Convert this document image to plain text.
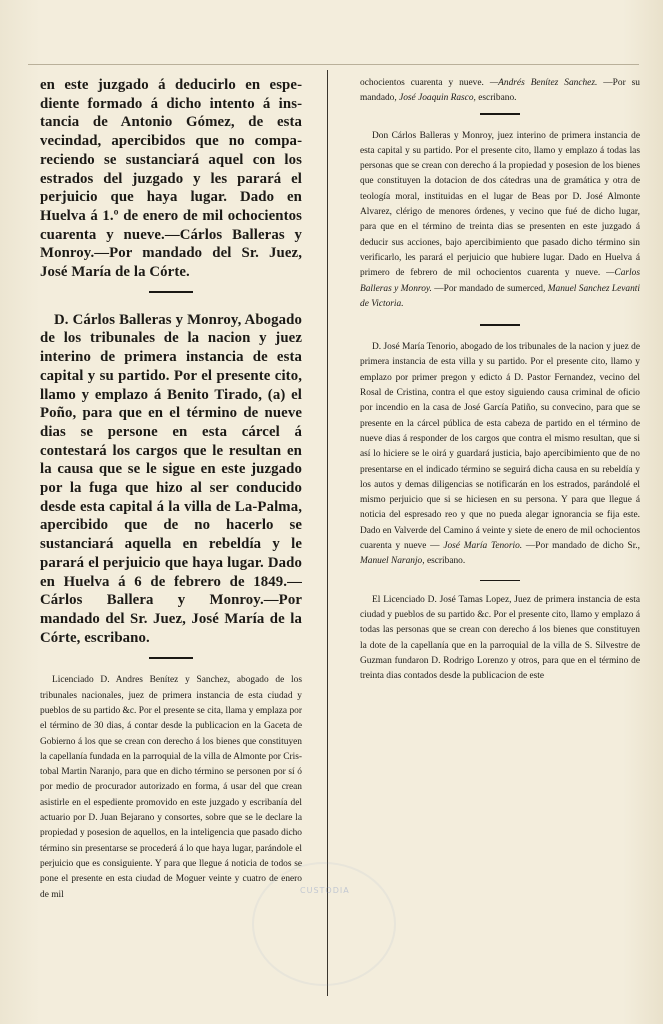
en este juzgado á deducirlo en espediente formado á dicho intento á instancia de Antonio Gómez, de esta vecindad, apercibidos que no compareciendo se sustanciará aquel con los estrados del juzgado y les parará el perjuicio que haya lugar. Dado en Huelva á 1.º de enero de mil ochocientos cuarenta y nueve.—Cárlos Balleras y Monroy.—Por mandado del Sr. Juez, José María de la Córte.

D. Cárlos Balleras y Monroy, Abogado de los tribunales de la nacion y juez interino de primera instancia de esta capital y su partido. Por el presente cito, llamo y emplazo á Benito Tirado, (a) el Poño, para que en el término de nueve dias se persone en esta cárcel á contestará los cargos que le resultan en la causa que se le sigue en este juzgado por la fuga que hizo al ser conducido desde esta capital á la villa de La-Palma, apercibido que de no hacerlo se sustanciará aquella en rebeldía y le parará el perjuicio que haya lugar. Dado en Huelva á 6 de febrero de 1849.—Cárlos Ballera y Monroy.—Por mandado del Sr. Juez, José María de la Córte, escribano.

Licenciado D. Andres Benítez y Sanchez, abogado de los tribunales nacionales, juez de primera instancia de esta ciudad y pueblos de su partido &c. Por el presente se cita, llama y emplaza por el término de 30 dias, á contar desde la publicacion en la Gaceta de Gobierno á los que se crean con derecho á los bienes que constituyen la capellanía fundada en la parroquial de la villa de Almonte por Cristobal Martin Naranjo, para que en dicho término se personen por sí ó por medio de procurador autorizado en forma, á usar del que crean asistirle en el espediente promovido en este juzgado y escribanía del actuario por D. Juan Bejarano y consortes, sobre que se le declare la propiedad y posesion de aquellos, en la inteligencia que pasado dicho término sin presentarse se procederá á lo que haya lugar, parándole el perjuicio que es consiguiente. Y para que llegue á noticia de todos se pone el presente en esta ciudad de Moguer veinte y cuatro de enero de mil

ochocientos cuarenta y nueve. —Andrés Benítez Sanchez. —Por su mandado, José Joaquin Rasco, escribano.

Don Cárlos Balleras y Monroy, juez interino de primera instancia de esta capital y su partido. Por el presente cito, llamo y emplazo á todas las personas que se crean con derecho á la propiedad y posesion de los bienes que constituyen la dotacion de dos cátedras una de gramática y otra de teología moral, instituidas en el lugar de Beas por D. José Almonte Alvarez, clérigo de menores órdenes, y vecino que fué de dicho lugar, para que en el término de treinta dias se presenten en este juzgado á deducir sus acciones, bajo apercibimiento que pasado dicho término sin verificarlo, les parará el perjuicio que hubiere lugar. Dado en Huelva á primero de febrero de mil ochocientos cuarenta y nueve. —Carlos Balleras y Monroy. —Por mandado de sumerced, Manuel Sanchez Levanti de Victoria.

D. José María Tenorio, abogado de los tribunales de la nacion y juez de primera instancia de esta villa y su partido. Por el presente cito, llamo y emplazo por primer pregon y edicto á D. Pastor Fernandez, vecino del Rosal de Cristina, contra el que estoy siguiendo causa criminal de oficio por incendio en la casa de José García Patiño, su convecino, para que se presente en la cárcel pública de esta cabeza de partido en el término de nueve dias á responder de los cargos que contra el mismo resultan, que si así lo hiciere se le oirá y guardará justicia, bajo apercibimiento que de no presentarse en el indicado término se seguirá dicha causa en su rebeldía y los autos y demas diligencias se notificarán en los estrados, parándolé el mismo perjuicio que si se hiciesen en su persona. Y para que llegue á noticia del espresado reo y que no pueda alegar ignorancia se fija este. Dado en Valverde del Camino á veinte y siete de enero de mil ochocientos cuarenta y nueve — José María Tenorio. —Por mandado de dicho Sr., Manuel Naranjo, escribano.

El Licenciado D. José Tamas Lopez, Juez de primera instancia de esta ciudad y pueblos de su partido &c. Por el presente cito, llamo y emplazo á todas las personas que se crean con derecho á los bienes que constituyen la dote de la capellanía que en la parroquial de la villa de S. Silvestre de Guzman fundaron D. Rodrigo Lorenzo y otros, para que en el término de treinta dias contados desde la publicacion de este

CUSTODIA
